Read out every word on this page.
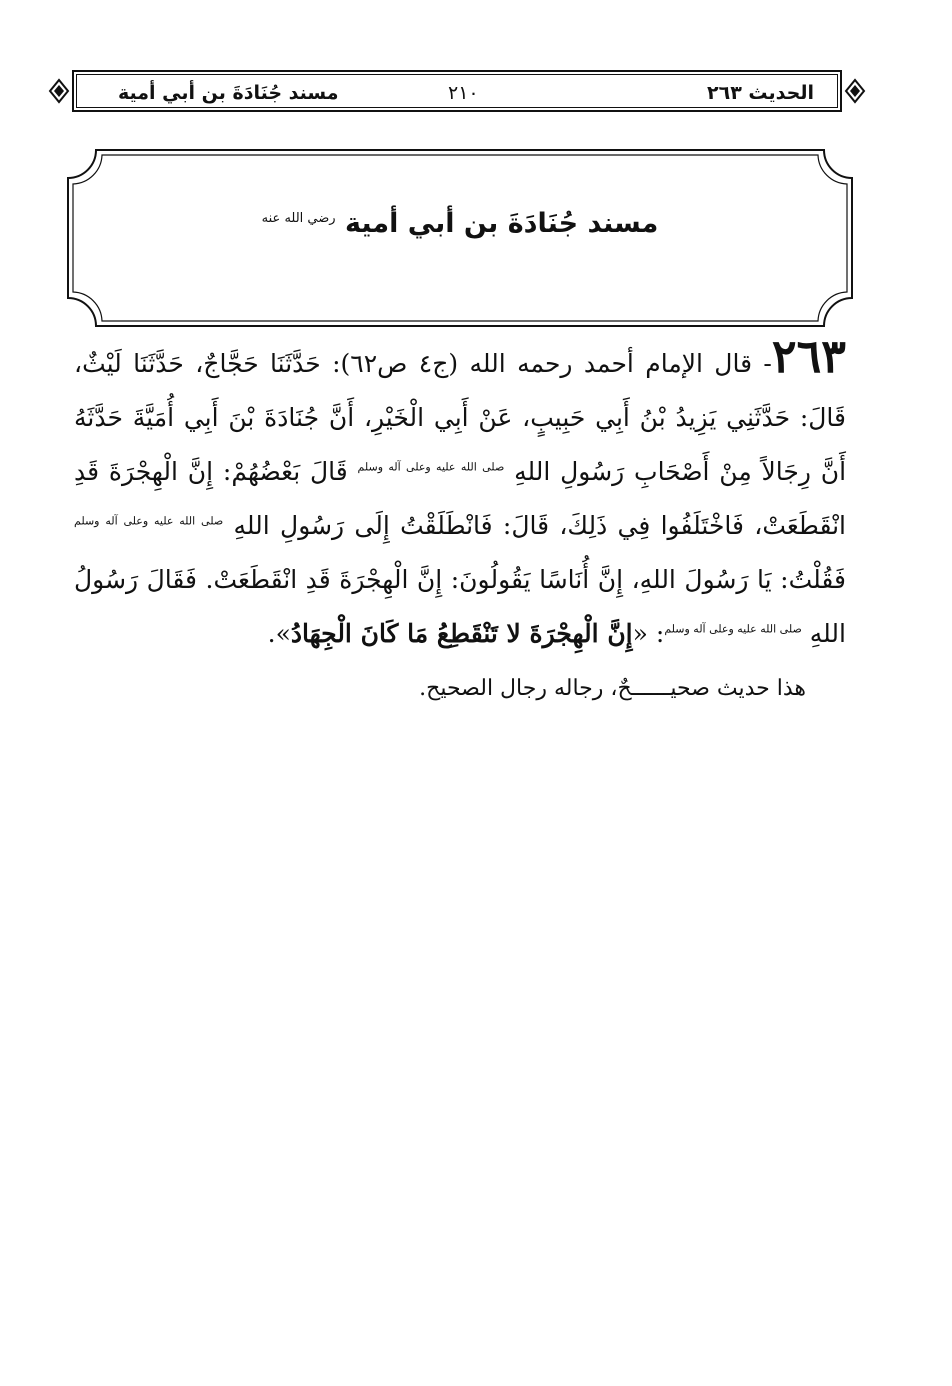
الحديث ٢٦٣
٢١٠
مسند جُنَادَةَ بن أبي أمية
مسند جُنَادَةَ بن أبي أمية $^{رضي الله عنه}$
٢٦٣- قال الإمام أحمد رحمه الله (ج٤ ص٦٢): حَدَّثَنَا حَجَّاجٌ، حَدَّثَنَا لَيْثٌ، قَالَ: حَدَّثَنِي يَزِيدُ بْنُ أَبِي حَبِيبٍ، عَنْ أَبِي الْخَيْرِ، أَنَّ جُنَادَةَ بْنَ أَبِي أُمَيَّةَ حَدَّثَهُ أَنَّ رِجَالاً مِنْ أَصْحَابِ رَسُولِ اللهِ $^{صلى الله عليه وعلى آله وسلم}$ قَالَ بَعْضُهُمْ: إِنَّ الْهِجْرَةَ قَدِ انْقَطَعَتْ، فَاخْتَلَفُوا فِي ذَلِكَ، قَالَ: فَانْطَلَقْتُ إِلَى رَسُولِ اللهِ $^{صلى الله عليه وعلى آله وسلم}$ فَقُلْتُ: يَا رَسُولَ اللهِ، إِنَّ أُنَاسًا يَقُولُونَ: إِنَّ الْهِجْرَةَ قَدِ انْقَطَعَتْ. فَقَالَ رَسُولُ اللهِ $^{صلى الله عليه وعلى آله وسلم}$: «إِنَّ الْهِجْرَةَ لا تَنْقَطِعُ مَا كَانَ الْجِهَادُ».
هذا حديث صحيــــــحٌ، رجاله رجال الصحيح.
